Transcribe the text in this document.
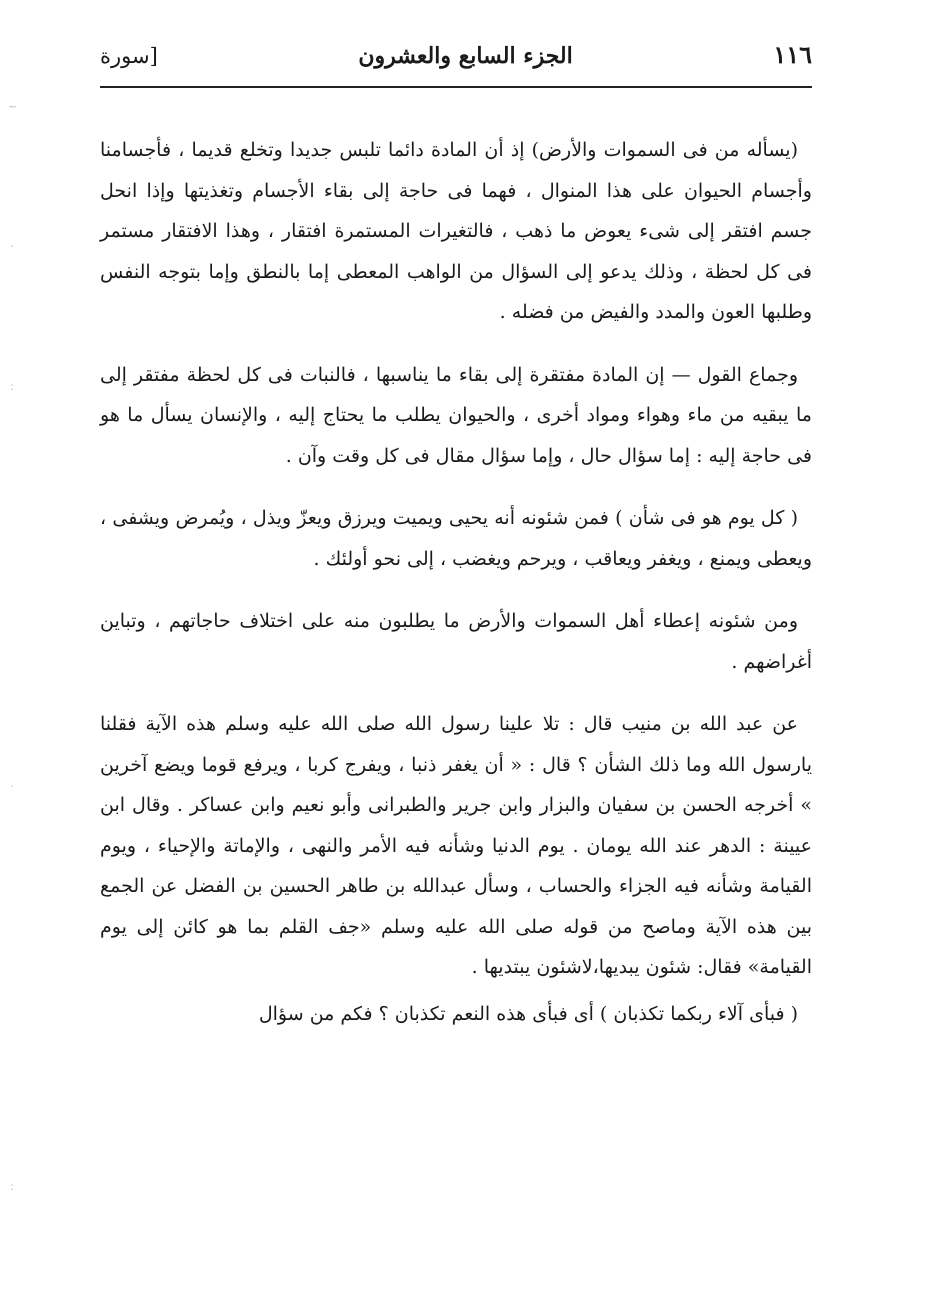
~
·
:
·
:
١١٦
الجزء السابع والعشرون
[سورة

(يسأله من فى السموات والأرض) إذ أن المادة دائما تلبس جديدا وتخلع قديما ، فأجسامنا وأجسام الحيوان على هذا المنوال ، فهما فى حاجة إلى بقاء الأجسام وتغذيتها وإذا انحل جسم افتقر إلى شىء يعوض ما ذهب ، فالتغيرات المستمرة افتقار ، وهذا الافتقار مستمر فى كل لحظة ، وذلك يدعو إلى السؤال من الواهب المعطى إما بالنطق وإما بتوجه النفس وطلبها العون والمدد والفيض من فضله .

وجماع القول — إن المادة مفتقرة إلى بقاء ما يناسبها ، فالنبات فى كل لحظة مفتقر إلى ما يبقيه من ماء وهواء ومواد أخرى ، والحيوان يطلب ما يحتاج إليه ، والإنسان يسأل ما هو فى حاجة إليه : إما سؤال حال ، وإما سؤال مقال فى كل وقت وآن .

( كل يوم هو فى شأن ) فمن شئونه أنه يحيى ويميت ويرزق ويعزّ ويذل ، ويُمرض ويشفى ، ويعطى ويمنع ، ويغفر ويعاقب ، ويرحم ويغضب ، إلى نحو أولئك .

ومن شئونه إعطاء أهل السموات والأرض ما يطلبون منه على اختلاف حاجاتهم ، وتباين أغراضهم .

عن عبد الله بن منيب قال : تلا علينا رسول الله صلى الله عليه وسلم هذه الآية فقلنا يارسول الله وما ذلك الشأن ؟ قال : « أن يغفر ذنبا ، ويفرج كربا ، ويرفع قوما ويضع آخرين » أخرجه الحسن بن سفيان والبزار وابن جرير والطبرانى وأبو نعيم وابن عساكر . وقال ابن عيينة : الدهر عند الله يومان . يوم الدنيا وشأنه فيه الأمر والنهى ، والإماتة والإحياء ، ويوم القيامة وشأنه فيه الجزاء والحساب ، وسأل عبدالله بن طاهر الحسين بن الفضل عن الجمع بين هذه الآية وماصح من قوله صلى الله عليه وسلم «جف القلم بما هو كائن إلى يوم القيامة» فقال: شئون يبديها،لاشئون يبتديها .

( فبأى آلاء ربكما تكذبان ) أى فبأى هذه النعم تكذبان ؟ فكم من سؤال
